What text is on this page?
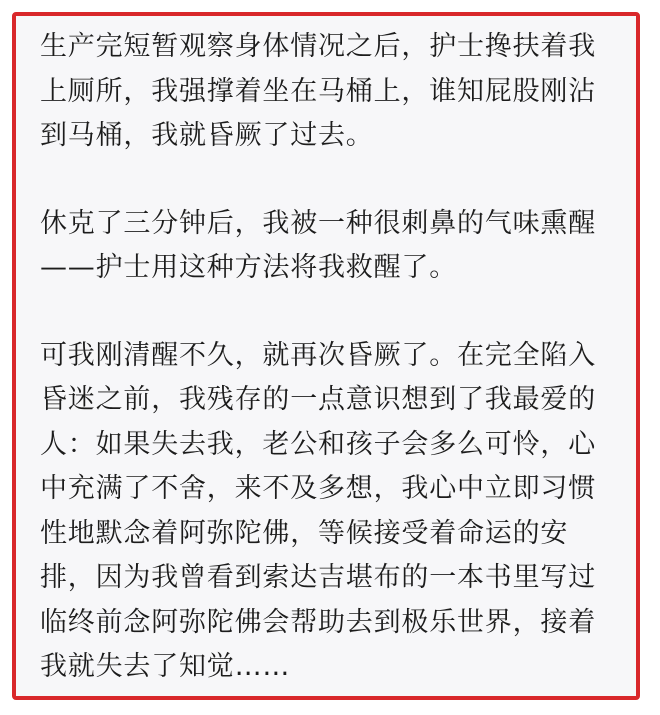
生产完短暂观察身体情况之后，护士搀扶着我
上厕所，我强撑着坐在马桶上，谁知屁股刚沾
到马桶，我就昏厥了过去。

休克了三分钟后，我被一种很刺鼻的气味熏醒
——护士用这种方法将我救醒了。

可我刚清醒不久，就再次昏厥了。在完全陷入
昏迷之前，我残存的一点意识想到了我最爱的
人：如果失去我，老公和孩子会多么可怜，心
中充满了不舍，来不及多想，我心中立即习惯
性地默念着阿弥陀佛，等候接受着命运的安
排，因为我曾看到索达吉堪布的一本书里写过
临终前念阿弥陀佛会帮助去到极乐世界，接着
我就失去了知觉……
